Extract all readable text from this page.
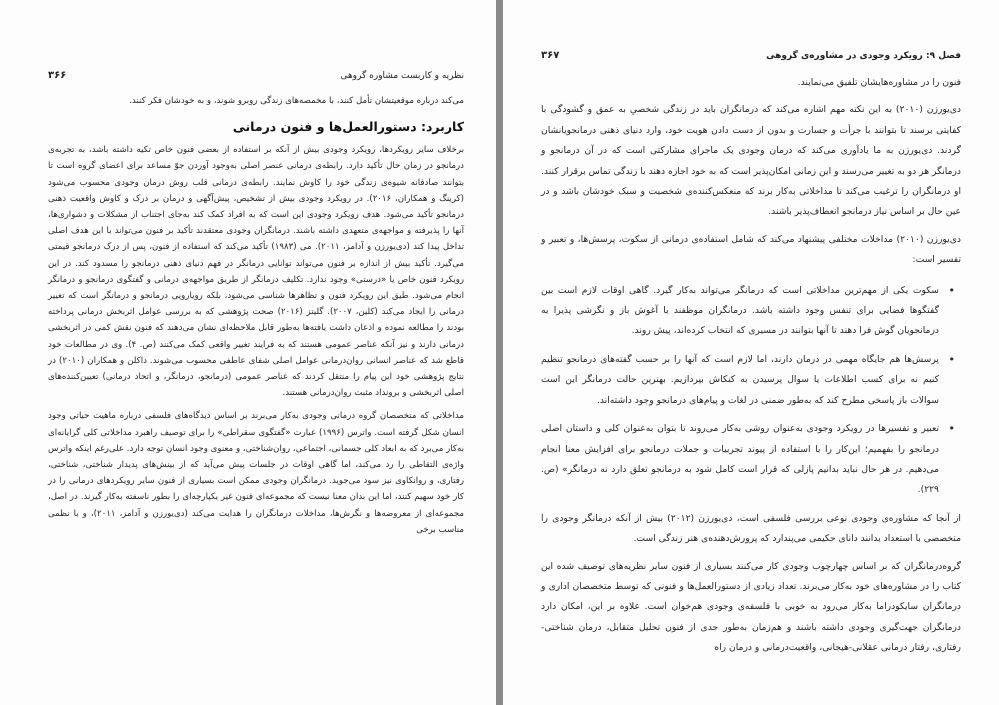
۳۶۶	نظریه و کاربست مشاوره گروهی

می‌کند درباره موقعیتشان تأمل کنند، با مخمصه‌های زندگی روبرو شوند، و به خودشان فکر کنند.

کاربرد: دستورالعمل‌ها و فنون درمانی

برخلاف سایر رویکردها، رویکرد وجودی بیش از آنکه بر استفاده از بعضی فنون خاص تکیه داشته باشد، به تجربه‌ی درمانجو در زمان حال تأکید دارد. رابطه‌ی درمانی عنصر اصلی به‌وجود آوردن جوّ مساعد برای اعضای گروه است تا بتوانند صادقانه شیوه‌ی زندگی خود را کاوش نمایند. رابطه‌ی درمانی قلب روش درمان وجودی محسوب می‌شود (کرینگ و همکاران، ۲۰۱۶). در رویکرد وجودی بیش از تشخیص، پیش‌آگهی و درمان بر درک و کاوش واقعیت ذهنی درمانجو تأکید می‌شود. هدف رویکرد وجودی این است که به افراد کمک کند به‌جای اجتناب از مشکلات و دشواری‌ها، آنها را پذیرفته و مواجهه‌ی متعهدی داشته باشند. درمانگران وجودی معتقدند تأکید بر فنون می‌تواند با این هدف اصلی تداخل پیدا کند (دی‌یورزن و آدامز، ۲۰۱۱). می (۱۹۸۳) تأکید می‌کند که استفاده از فنون، پس از درک درمانجو قیمتی می‌گیرد. تأکید بیش از اندازه بر فنون می‌تواند توانایی درمانگر در فهم دنیای ذهنی درمانجو را مسدود کند. در این رویکرد فنون خاص یا «درستی» وجود ندارد. تکلیف درمانگر از طریق مواجهه‌ی درمانی و گفتگوی درمانجو و درمانگر انجام می‌شود. طیق این رویکرد فنون و تظاهرها شناسی می‌شود، بلکه رویارویی درمانجو و درمانگر است که تغییر درمانی را ایجاد می‌کند (کلین، ۲۰۰۷). گلیتز (۲۰۱۶) صحت پژوهشی که به بررسی عوامل اثربخش درمانی پرداخته بودند را مطالعه نموده و اذعان داشت یافته‌ها به‌طور قابل ملاحظه‌ای نشان می‌دهند که فنون نقش کمی در اثربخشی درمانی دارند و نیز آنکه عناصر عمومی هستند که به فرایند تغییر واقعی کمک می‌کنند (ص. ۴). وی در مطالعات خود قاطع شد که عناصر انسانی روان‌درمانی عوامل اصلی شفای عاطفی محسوب می‌شوند. داکلن و همکاران (۲۰۱۰) در نتایج پژوهشی خود این پیام را منتقل کردند که عناصر عمومی (درمانجو، درمانگر، و اتحاد درمانی) تعیین‌کننده‌های اصلی اثربخشی و برونداد مثبت روان‌درمانی هستند.

مداخلاتی که متخصصان گروه درمانی وجودی به‌کار می‌برند بر اساس دیدگاه‌های فلسفی درباره ماهیت حیاتی وجود انسان شکل گرفته است. واترس (۱۹۹۶) عبارت «گفتگوی سقراطی» را برای توصیف راهبرد مداخلاتی کلی گرایانه‌ای به‌کار می‌برد که به ابعاد کلی جسمانی، اجتماعی، روان‌شناختی، و معنوی وجود انسان توجه دارد. علی‌رغم اینکه واترس واژه‌ی التقاطی را رد می‌کند، اما گاهی اوقات در جلسات پیش می‌آید که از بینش‌های پدیدار شناختی، شناختی، رفتاری، و روانکاوی نیز سود می‌جوید. درمانگران وجودی ممکن است بسیاری از فنون سایر رویکردهای درمانی را در کار خود سهیم کنند، اما این بدان معنا نیست که مجموعه‌ای فنون غیر یکپارچه‌ای را بطور ناسفته به‌کار گیرند. در اصل، مجموعه‌ای از معروضه‌ها و نگرش‌ها، مداخلات درمانگران را هدایت می‌کند (دی‌یورزن و آدامز، ۲۰۱۱)، و با نظمی مناسب برخی

فصل ۹: رویکرد وجودی در مشاوره‌ی گروهی
۳۶۷

فنون را در مشاوره‌هایشان تلفیق می‌نمایند.

دی‌یورزن (۲۰۱۰) به این نکته مهم اشاره می‌کند که درمانگران باید در زندگی شخصیِ به عمق و گشودگی با کفایتی برسند تا بتوانند با جرأت و جسارت و بدون از دست دادن هویت خود، وارد دنیای ذهنی درمانجویانشان گردند. دی‌یورزن به ما یادآوری می‌کند که درمان وجودی یک ماجرای مشارکتی است که در آن درمانجو و درمانگر هر دو به تغییر می‌رسند و این زمانی امکان‌پذیر است که به خود اجازه دهند با زندگی تماس برقرار کنند. او درمانگران را ترغیب می‌کند تا مداخلاتی به‌کار برند که منعکس‌کننده‌ی شخصیت و سبک خودشان باشد و در عین حال بر اساس نیاز درمانجو انعطاف‌پذیر باشند.

دی‌یورزن (۲۰۱۰) مداخلات مختلفی پیشنهاد می‌کند که شامل استفاده‌ی درمانی از سکوت، پرسش‌ها، و تعبیر و تفسیر است:

• سکوت یکی از مهم‌ترین مداخلاتی است که درمانگر می‌تواند به‌کار گیرد. گاهی اوقات لازم است بین گفتگوها فضایی برای تنفس وجود داشته باشد. درمانگران موظفند با آغوش باز و نگرشی پذیرا به درمانجویان گوش فرا دهند تا آنها بتوانند در مسیری که انتخاب کرده‌اند، پیش روند.
• پرسش‌ها هم جایگاه مهمی در درمان دارند، اما لازم است که آنها را بر حسب گفته‌های درمانجو تنظیم کنیم نه برای کسب اطلاعات یا سوال پرسیدن به کنکاش بپردازیم. بهترین حالت درمانگر این است سوالات باز پاسخی مطرح کند که به‌طور ضمنی در لغات و پیام‌های درمانجو وجود داشته‌اند.
• تعبیر و تفسیرها در رویکرد وجودی به‌عنوان روشی به‌کار می‌روند تا بتوان به‌عنوان کلی و داستان اصلی درمانجو را بفهمیم؛ این‌کار را با استفاده از پیوند تجربیات و جملات درمانجو برای افزایش معنا انجام می‌دهیم. در هر حال نباید بدانیم پازلی که قرار است کامل شود به درمانجو تعلق دارد نه درمانگر» (ص. ۲۲۹).

از آنجا که مشاوره‌ی وجودی نوعی بررسی فلسفی است، دی‌یورزن (۲۰۱۲) بیش از آنکه درمانگر وجودی را متخصصی با استعداد بدانند دانای حکیمی می‌پندارد که پرورش‌دهنده‌ی هنر زندگی است.

گروه‌درمانگران که بر اساس چهارچوب وجودی کار می‌کنند بسیاری از فنون سایر نظریه‌های توصیف شده این کتاب را در مشاوره‌های خود به‌کار می‌برند. تعداد زیادی از دستورالعمل‌ها و فنونی که توسط متخصصان اداری و درمانگران سایکودراما به‌کار می‌رود به خوبی با فلسفه‌ی وجودی هم‌خوان است. علاوه بر این، امکان دارد درمانگران جهت‌گیری وجودی داشته باشند و هم‌زمان به‌طور جدی از فنون تحلیل متقابل، درمان شناختی-رفتاری، رفتار درمانی عقلانی-هیجانی، واقعیت‌درمانی و درمان راه
